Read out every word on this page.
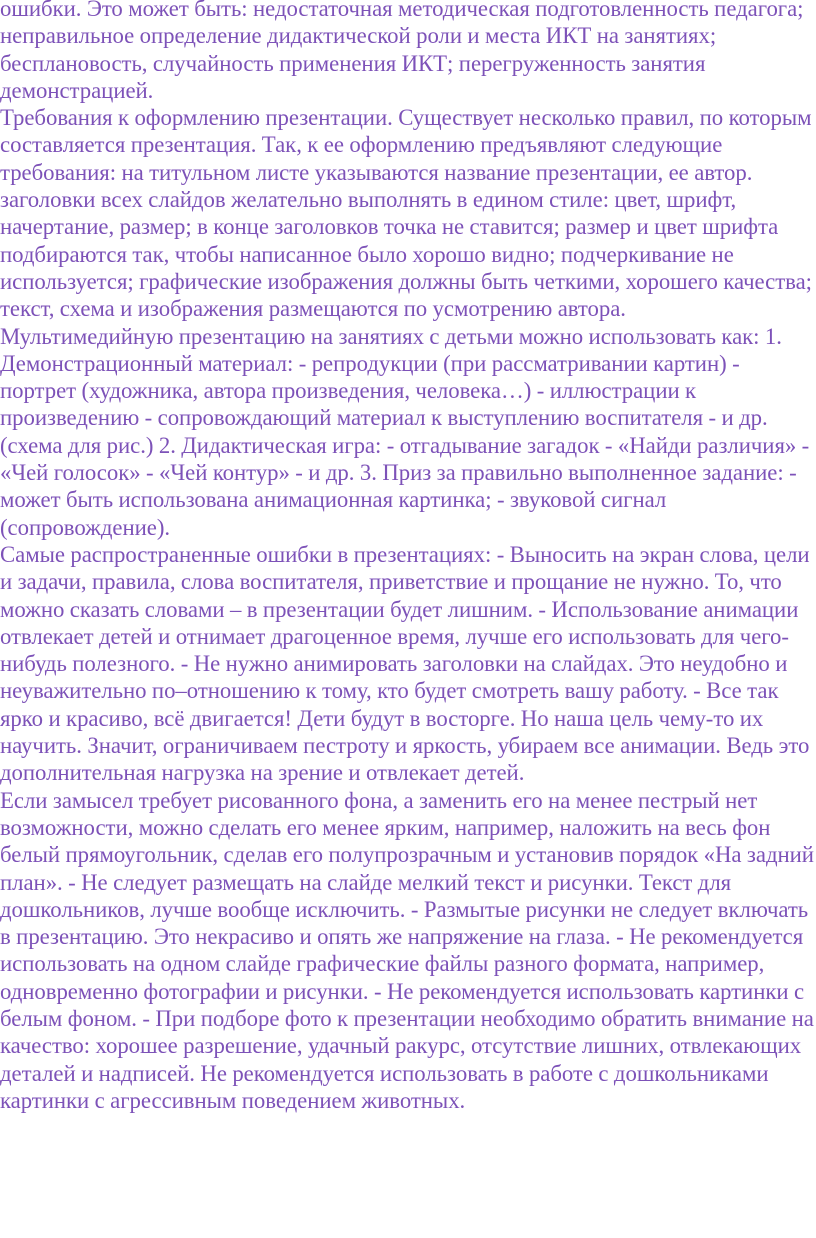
ошибки. Это может быть: недостаточная методическая подготовленность педагога; неправильное определение дидактической роли и места ИКТ на занятиях; бесплановость, случайность применения ИКТ; перегруженность занятия демонстрацией.

Требования к оформлению презентации. Существует несколько правил, по которым составляется презентация. Так, к ее оформлению предъявляют следующие требования: на титульном листе указываются название презентации, ее автор. заголовки всех слайдов желательно выполнять в едином стиле: цвет, шрифт, начертание, размер; в конце заголовков точка не ставится; размер и цвет шрифта подбираются так, чтобы написанное было хорошо видно; подчеркивание не используется; графические изображения должны быть четкими, хорошего качества; текст, схема и изображения размещаются по усмотрению автора.

Мультимедийную презентацию на занятиях с детьми можно использовать как: 1. Демонстрационный материал: - репродукции (при рассматривании картин) - портрет (художника, автора произведения, человека…) - иллюстрации к произведению - сопровождающий материал к выступлению воспитателя - и др. (схема для рис.) 2. Дидактическая игра: - отгадывание загадок - «Найди различия» - «Чей голосок» - «Чей контур» - и др. 3. Приз за правильно выполненное задание: - может быть использована анимационная картинка; - звуковой сигнал (сопровождение).

Самые распространенные ошибки в презентациях: - Выносить на экран слова, цели и задачи, правила, слова воспитателя, приветствие и прощание не нужно. То, что можно сказать словами – в презентации будет лишним. - Использование анимации отвлекает детей и отнимает драгоценное время, лучше его использовать для чего-нибудь полезного. - Не нужно анимировать заголовки на слайдах. Это неудобно и неуважительно по–отношению к тому, кто будет смотреть вашу работу. - Все так ярко и красиво, всё двигается! Дети будут в восторге. Но наша цель чему-то их научить. Значит, ограничиваем пестроту и яркость, убираем все анимации. Ведь это дополнительная нагрузка на зрение и отвлекает детей.

Если замысел требует рисованного фона, а заменить его на менее пестрый нет возможности, можно сделать его менее ярким, например, наложить на весь фон белый прямоугольник, сделав его полупрозрачным и установив порядок «На задний план». - Не следует размещать на слайде мелкий текст и рисунки. Текст для дошкольников, лучше вообще исключить. - Размытые рисунки не следует включать в презентацию. Это некрасиво и опять же напряжение на глаза. - Не рекомендуется использовать на одном слайде графические файлы разного формата, например, одновременно фотографии и рисунки. - Не рекомендуется использовать картинки с белым фоном. - При подборе фото к презентации необходимо обратить внимание на качество: хорошее разрешение, удачный ракурс, отсутствие лишних, отвлекающих деталей и надписей. Не рекомендуется использовать в работе с дошкольниками картинки с агрессивным поведением животных.
